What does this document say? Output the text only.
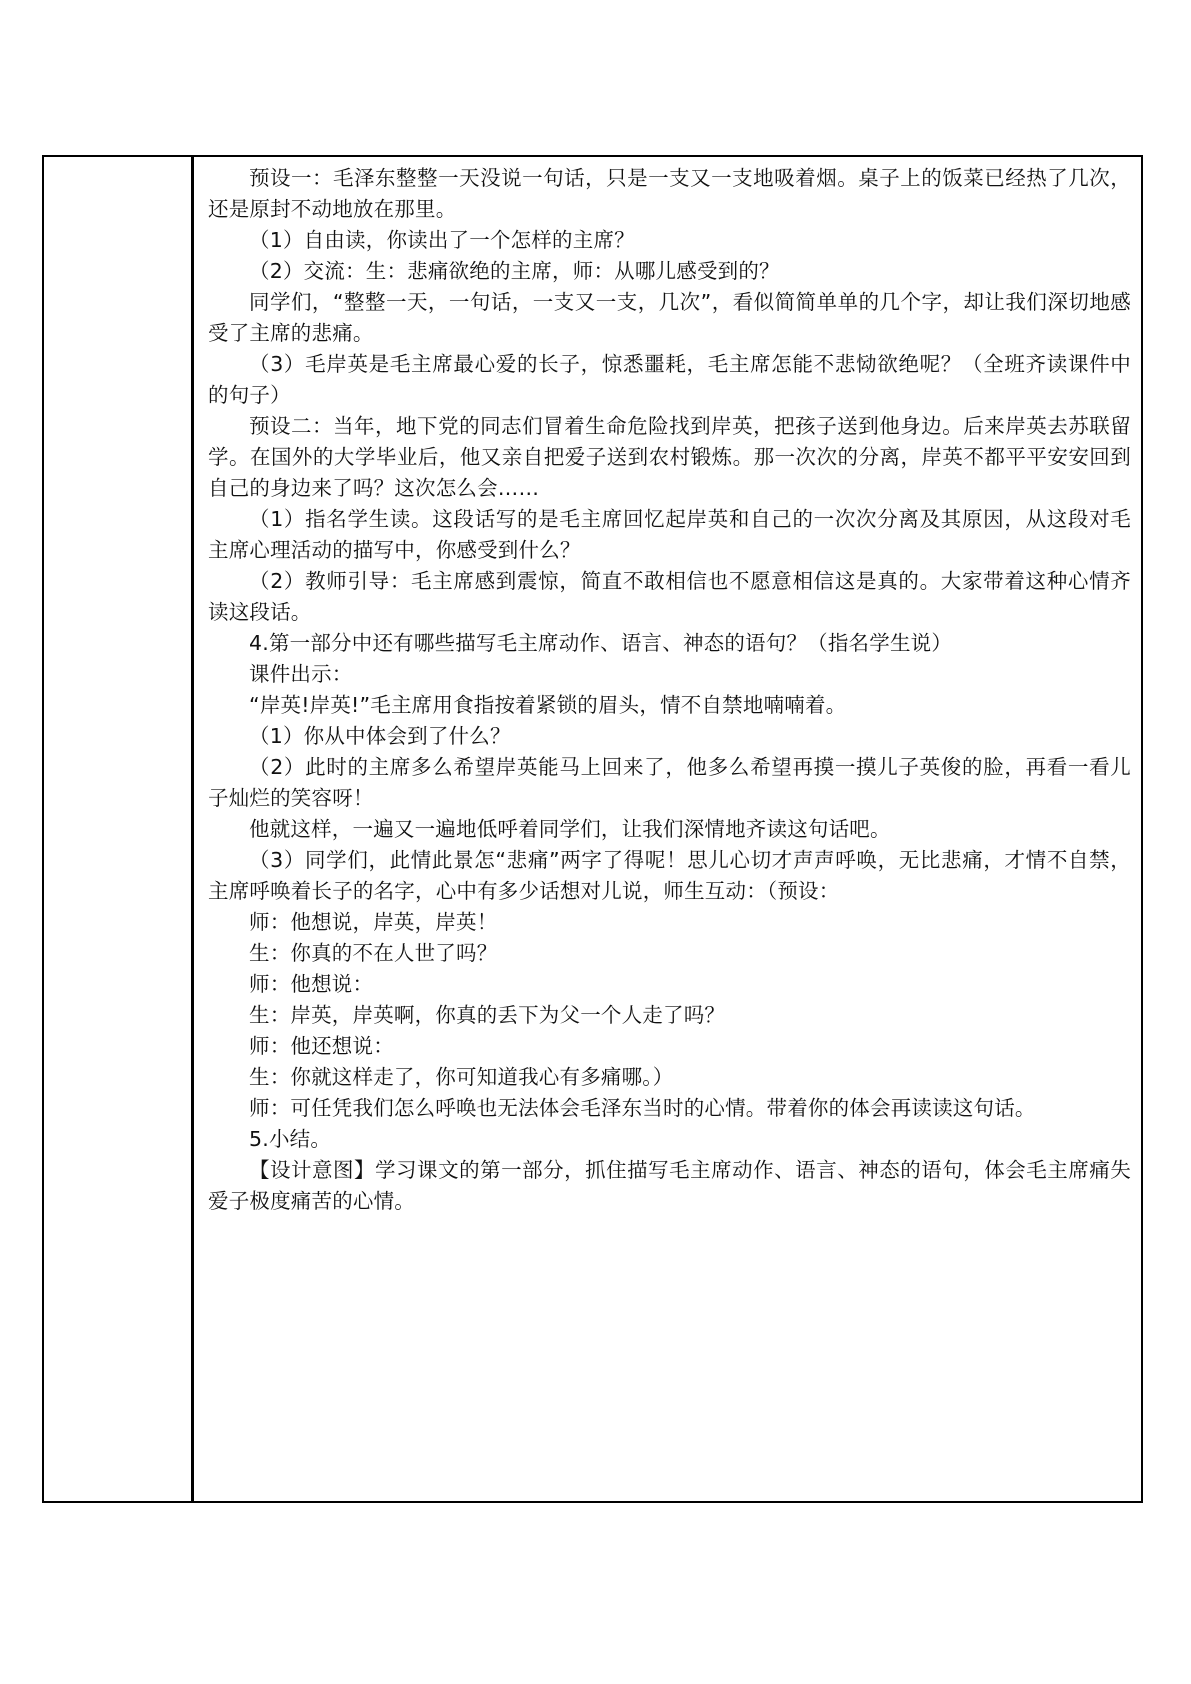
预设一：毛泽东整整一天没说一句话，只是一支又一支地吸着烟。桌子上的饭菜已经热了几次，还是原封不动地放在那里。

（1）自由读，你读出了一个怎样的主席？

（2）交流：生：悲痛欲绝的主席，师：从哪儿感受到的？

同学们，“整整一天，一句话，一支又一支，几次”，看似简简单单的几个字，却让我们深切地感受了主席的悲痛。

（3）毛岸英是毛主席最心爱的长子，惊悉噩耗，毛主席怎能不悲恸欲绝呢？（全班齐读课件中的句子）

预设二：当年，地下党的同志们冒着生命危险找到岸英，把孩子送到他身边。后来岸英去苏联留学。在国外的大学毕业后，他又亲自把爱子送到农村锻炼。那一次次的分离，岸英不都平平安安回到自己的身边来了吗？这次怎么会……

（1）指名学生读。这段话写的是毛主席回忆起岸英和自己的一次次分离及其原因，从这段对毛主席心理活动的描写中，你感受到什么？

（2）教师引导：毛主席感到震惊，简直不敢相信也不愿意相信这是真的。大家带着这种心情齐读这段话。

4.第一部分中还有哪些描写毛主席动作、语言、神态的语句？（指名学生说）

课件出示：

“岸英!岸英!”毛主席用食指按着紧锁的眉头，情不自禁地喃喃着。

（1）你从中体会到了什么？

（2）此时的主席多么希望岸英能马上回来了，他多么希望再摸一摸儿子英俊的脸，再看一看儿子灿烂的笑容呀！

他就这样，一遍又一遍地低呼着同学们，让我们深情地齐读这句话吧。

（3）同学们，此情此景怎“悲痛”两字了得呢！思儿心切才声声呼唤，无比悲痛，才情不自禁，主席呼唤着长子的名字，心中有多少话想对儿说，师生互动：（预设：

师：他想说，岸英，岸英！

生：你真的不在人世了吗？

师：他想说：

生：岸英，岸英啊，你真的丢下为父一个人走了吗？

师：他还想说：

生：你就这样走了，你可知道我心有多痛哪。）

师：可任凭我们怎么呼唤也无法体会毛泽东当时的心情。带着你的体会再读读这句话。

5.小结。

【设计意图】学习课文的第一部分，抓住描写毛主席动作、语言、神态的语句，体会毛主席痛失爱子极度痛苦的心情。
